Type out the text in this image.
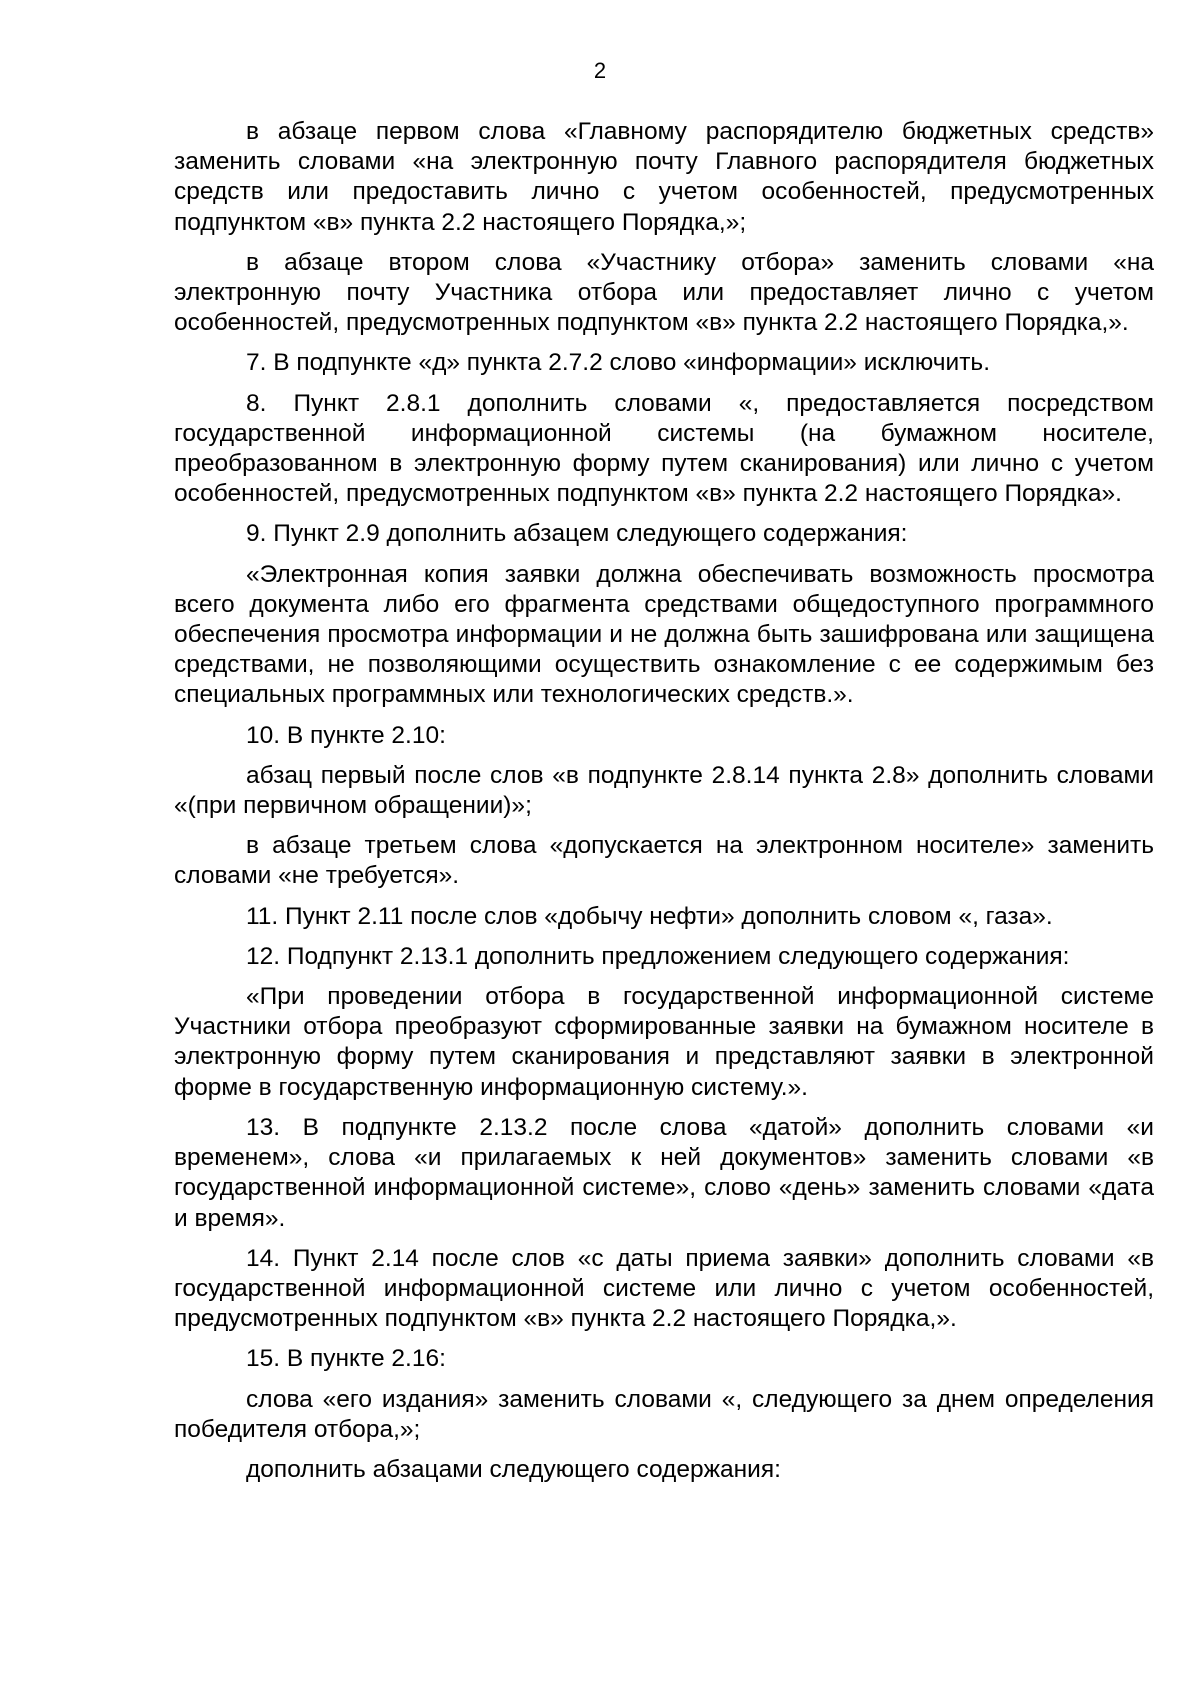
2

в абзаце первом слова «Главному распорядителю бюджетных средств» заменить словами «на электронную почту Главного распорядителя бюджетных средств или предоставить лично с учетом особенностей, предусмотренных подпунктом «в» пункта 2.2 настоящего Порядка,»;

в абзаце втором слова «Участнику отбора» заменить словами «на электронную почту Участника отбора или предоставляет лично с учетом особенностей, предусмотренных подпунктом «в» пункта 2.2 настоящего Порядка,».

7. В подпункте «д» пункта 2.7.2 слово «информации» исключить.

8. Пункт 2.8.1 дополнить словами «, предоставляется посредством государственной информационной системы (на бумажном носителе, преобразованном в электронную форму путем сканирования) или лично с учетом особенностей, предусмотренных подпунктом «в» пункта 2.2 настоящего Порядка».

9. Пункт 2.9 дополнить абзацем следующего содержания:

«Электронная копия заявки должна обеспечивать возможность просмотра всего документа либо его фрагмента средствами общедоступного программного обеспечения просмотра информации и не должна быть зашифрована или защищена средствами, не позволяющими осуществить ознакомление с ее содержимым без специальных программных или технологических средств.».

10. В пункте 2.10:

абзац первый после слов «в подпункте 2.8.14 пункта 2.8» дополнить словами «(при первичном обращении)»;

в абзаце третьем слова «допускается на электронном носителе» заменить словами «не требуется».

11. Пункт 2.11 после слов «добычу нефти» дополнить словом «, газа».

12. Подпункт 2.13.1 дополнить предложением следующего содержания:

«При проведении отбора в государственной информационной системе Участники отбора преобразуют сформированные заявки на бумажном носителе в электронную форму путем сканирования и представляют заявки в электронной форме в государственную информационную систему.».

13. В подпункте 2.13.2 после слова «датой» дополнить словами «и временем», слова «и прилагаемых к ней документов» заменить словами «в государственной информационной системе», слово «день» заменить словами «дата и время».

14. Пункт 2.14 после слов «с даты приема заявки» дополнить словами «в государственной информационной системе или лично с учетом особенностей, предусмотренных подпунктом «в» пункта 2.2 настоящего Порядка,».

15. В пункте 2.16:

слова «его издания» заменить словами «, следующего за днем определения победителя отбора,»;

дополнить абзацами следующего содержания:
